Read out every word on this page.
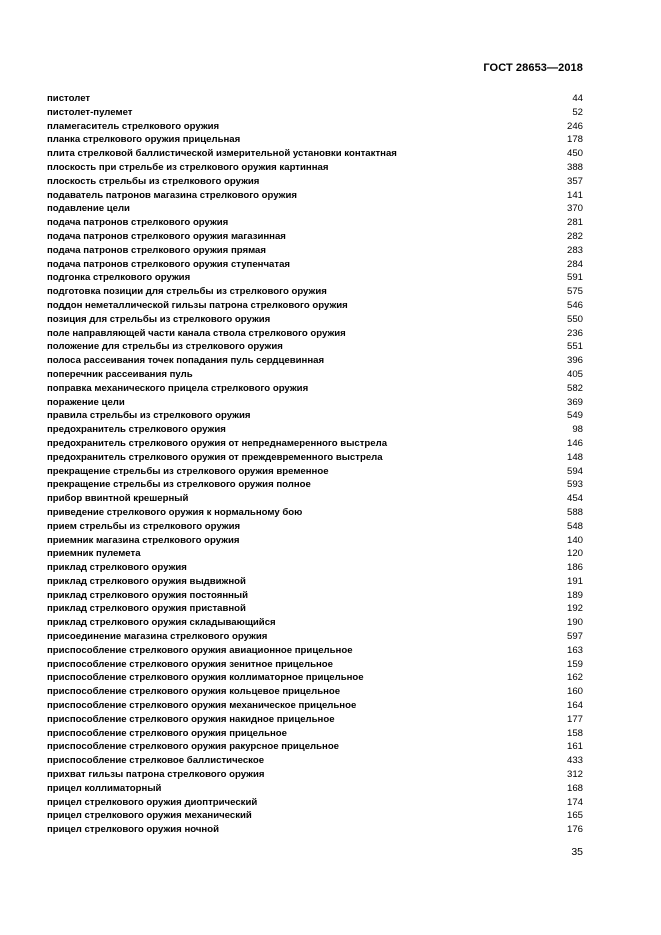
ГОСТ 28653—2018
пистолет	44
пистолет-пулемет	52
пламегаситель стрелкового оружия	246
планка стрелкового оружия прицельная	178
плита стрелковой баллистической измерительной установки контактная	450
плоскость при стрельбе из стрелкового оружия картинная	388
плоскость стрельбы из стрелкового оружия	357
подаватель патронов магазина стрелкового оружия	141
подавление цели	370
подача патронов стрелкового оружия	281
подача патронов стрелкового оружия магазинная	282
подача патронов стрелкового оружия прямая	283
подача патронов стрелкового оружия ступенчатая	284
подгонка стрелкового оружия	591
подготовка позиции для стрельбы из стрелкового оружия	575
поддон неметаллической гильзы патрона стрелкового оружия	546
позиция для стрельбы из стрелкового оружия	550
поле направляющей части канала ствола стрелкового оружия	236
положение для стрельбы из стрелкового оружия	551
полоса рассеивания точек попадания пуль сердцевинная	396
поперечник рассеивания пуль	405
поправка механического прицела стрелкового оружия	582
поражение цели	369
правила стрельбы из стрелкового оружия	549
предохранитель стрелкового оружия	98
предохранитель стрелкового оружия от непреднамеренного выстрела	146
предохранитель стрелкового оружия от преждевременного выстрела	148
прекращение стрельбы из стрелкового оружия временное	594
прекращение стрельбы из стрелкового оружия полное	593
прибор ввинтной крешерный	454
приведение стрелкового оружия к нормальному бою	588
прием стрельбы из стрелкового оружия	548
приемник магазина стрелкового оружия	140
приемник пулемета	120
приклад стрелкового оружия	186
приклад стрелкового оружия выдвижной	191
приклад стрелкового оружия постоянный	189
приклад стрелкового оружия приставной	192
приклад стрелкового оружия складывающийся	190
присоединение магазина стрелкового оружия	597
приспособление стрелкового оружия авиационное прицельное	163
приспособление стрелкового оружия зенитное прицельное	159
приспособление стрелкового оружия коллиматорное прицельное	162
приспособление стрелкового оружия кольцевое прицельное	160
приспособление стрелкового оружия механическое прицельное	164
приспособление стрелкового оружия накидное прицельное	177
приспособление стрелкового оружия прицельное	158
приспособление стрелкового оружия ракурсное прицельное	161
приспособление стрелковое баллистическое	433
прихват гильзы патрона стрелкового оружия	312
прицел коллиматорный	168
прицел стрелкового оружия диоптрический	174
прицел стрелкового оружия механический	165
прицел стрелкового оружия ночной	176
35
